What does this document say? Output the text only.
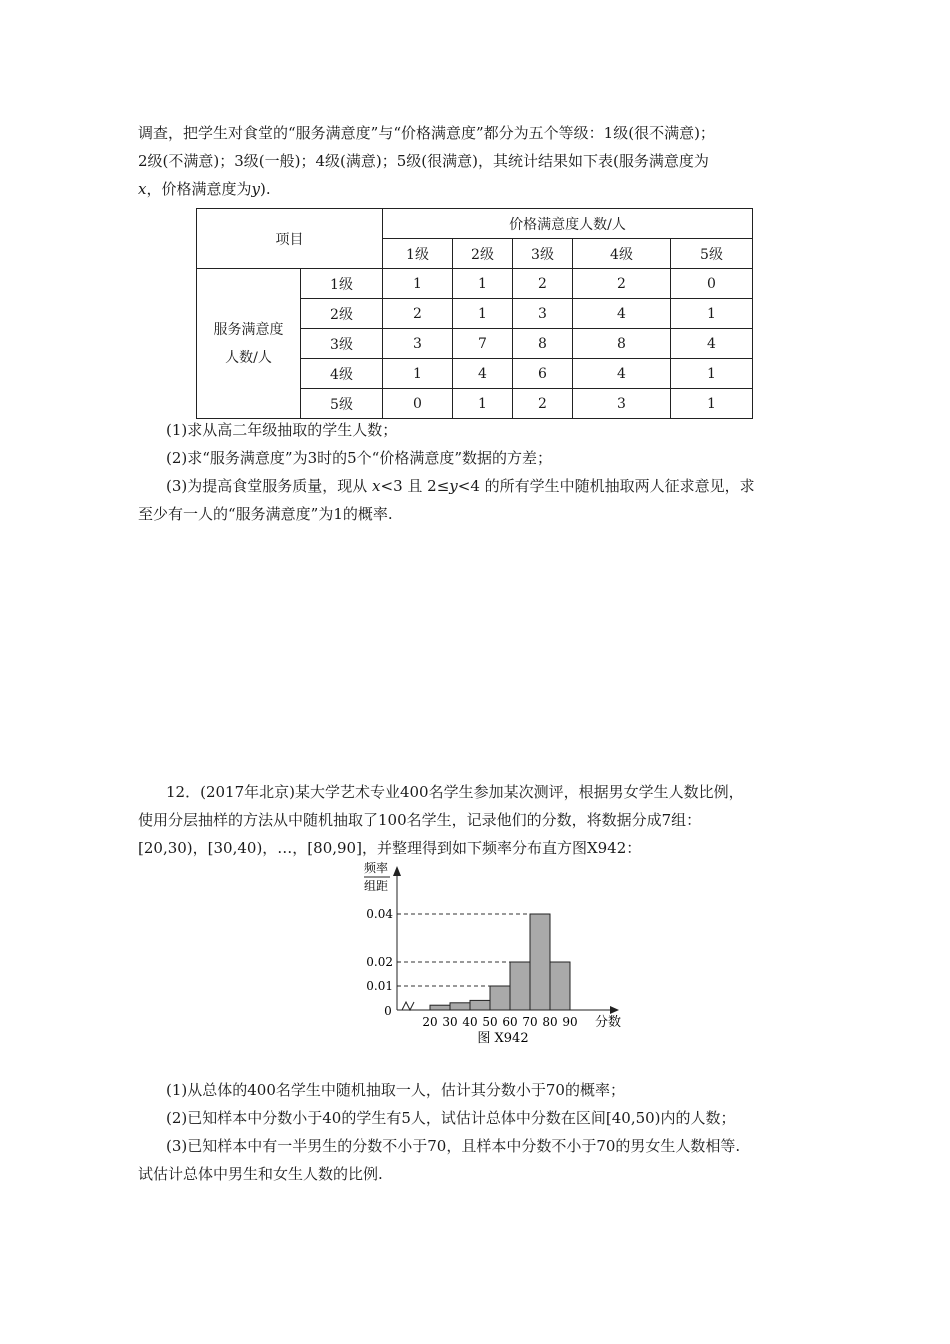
调查，把学生对食堂的“服务满意度”与“价格满意度”都分为五个等级：1级(很不满意)；
2级(不满意)；3级(一般)；4级(满意)；5级(很满意)，其统计结果如下表(服务满意度为
x，价格满意度为y).
项目		价格满意度人数/人				
		1级	2级	3级	4级	5级

服务满意度
人数/人	1级	1	1	2	2	0
	2级	2	1	3	4	1
	3级	3	7	8	8	4
	4级	1	4	6	4	1
	5级	0	1	2	3	1
(1)求从高二年级抽取的学生人数；
(2)求“服务满意度”为3时的5个“价格满意度”数据的方差；
(3)为提高食堂服务质量，现从 x<3 且 2≤y<4 的所有学生中随机抽取两人征求意见，求
至少有一人的“服务满意度”为1的概率.
12．(2017年北京)某大学艺术专业400名学生参加某次测评，根据男女学生人数比例，
使用分层抽样的方法从中随机抽取了100名学生，记录他们的分数，将数据分成7组：
[20,30)，[30,40)，…，[80,90]，并整理得到如下频率分布直方图X942：
频率
组距
0
分数
图 X942
0.01
0.02
0.04
20 30 40 50 60 70 80 90
(1)从总体的400名学生中随机抽取一人，估计其分数小于70的概率；
(2)已知样本中分数小于40的学生有5人，试估计总体中分数在区间[40,50)内的人数；
(3)已知样本中有一半男生的分数不小于70，且样本中分数不小于70的男女生人数相等.
试估计总体中男生和女生人数的比例.
